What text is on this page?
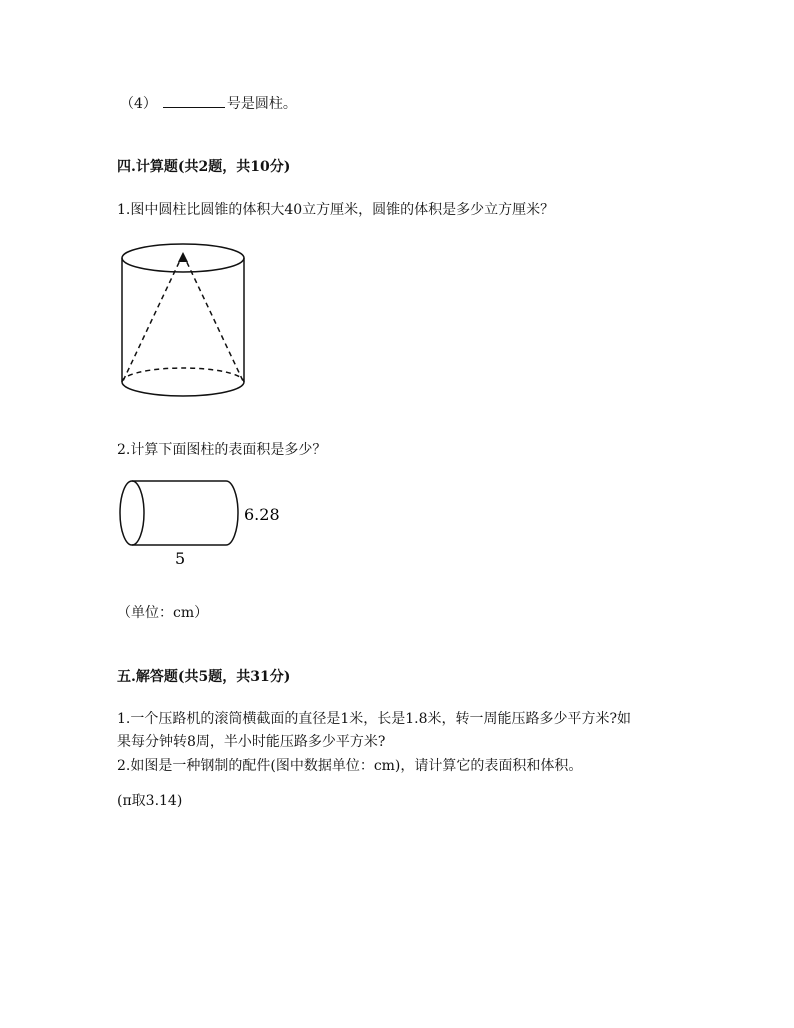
（4）	号是圆柱。
四.计算题(共2题，共10分)
1.图中圆柱比圆锥的体积大40立方厘米，圆锥的体积是多少立方厘米？
2.计算下面图柱的表面积是多少？
6.28
5
（单位：cm）
五.解答题(共5题，共31分)
1.一个压路机的滚筒横截面的直径是1米，长是1.8米，转一周能压路多少平方米?如
果每分钟转8周，半小时能压路多少平方米?
2.如图是一种钢制的配件(图中数据单位：cm)，请计算它的表面积和体积。
(π取3.14)
